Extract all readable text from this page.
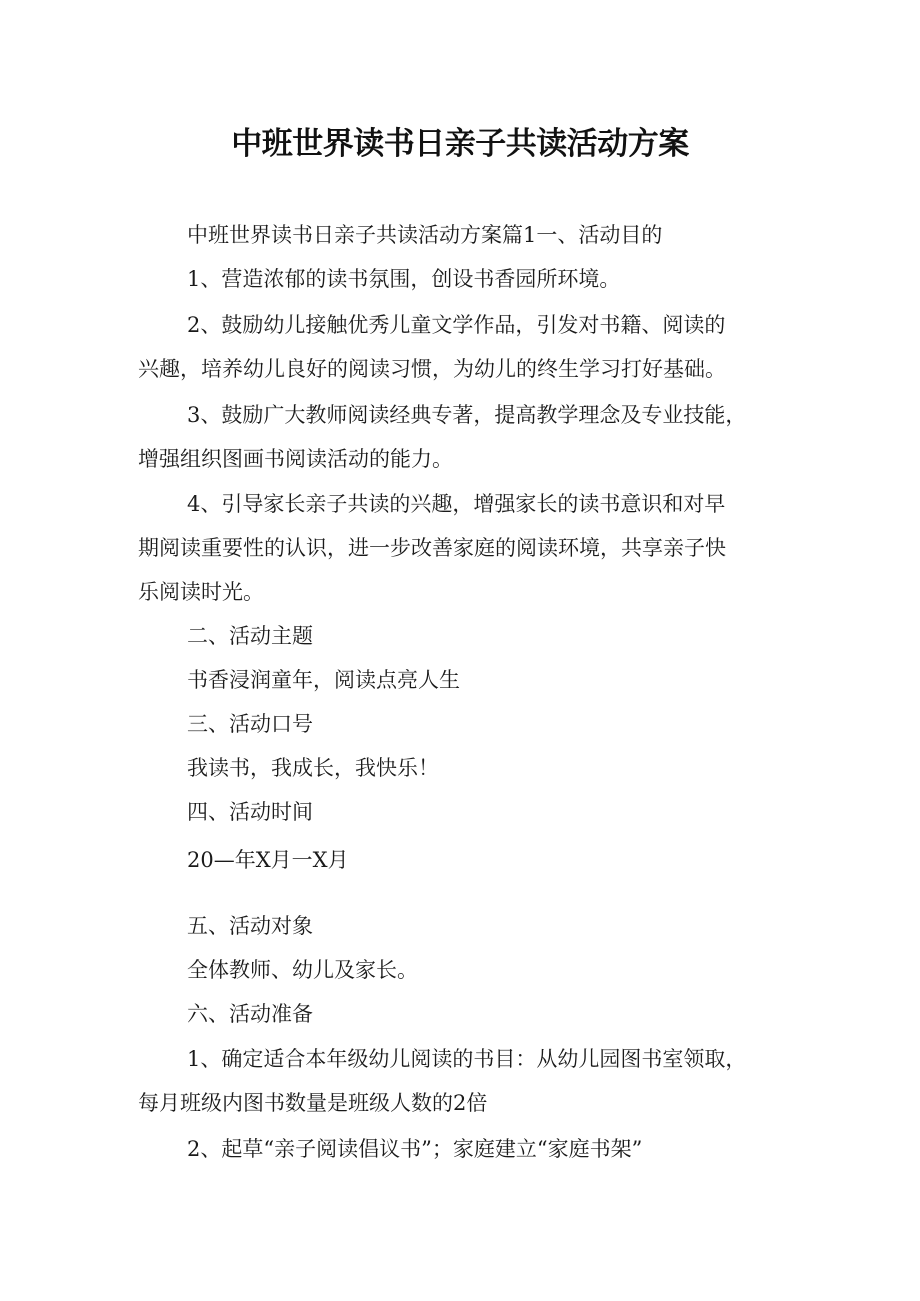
中班世界读书日亲子共读活动方案
中班世界读书日亲子共读活动方案篇1一、活动目的
1、营造浓郁的读书氛围，创设书香园所环境。
2、鼓励幼儿接触优秀儿童文学作品，引发对书籍、阅读的
兴趣，培养幼儿良好的阅读习惯，为幼儿的终生学习打好基础。
3、鼓励广大教师阅读经典专著，提高教学理念及专业技能，
增强组织图画书阅读活动的能力。
4、引导家长亲子共读的兴趣，增强家长的读书意识和对早
期阅读重要性的认识，进一步改善家庭的阅读环境，共享亲子快
乐阅读时光。
二、活动主题
书香浸润童年，阅读点亮人生
三、活动口号
我读书，我成长，我快乐！
四、活动时间
20—年X月一X月
五、活动对象
全体教师、幼儿及家长。
六、活动准备
1、确定适合本年级幼儿阅读的书目：从幼儿园图书室领取，
每月班级内图书数量是班级人数的2倍
2、起草“亲子阅读倡议书”；家庭建立“家庭书架”
